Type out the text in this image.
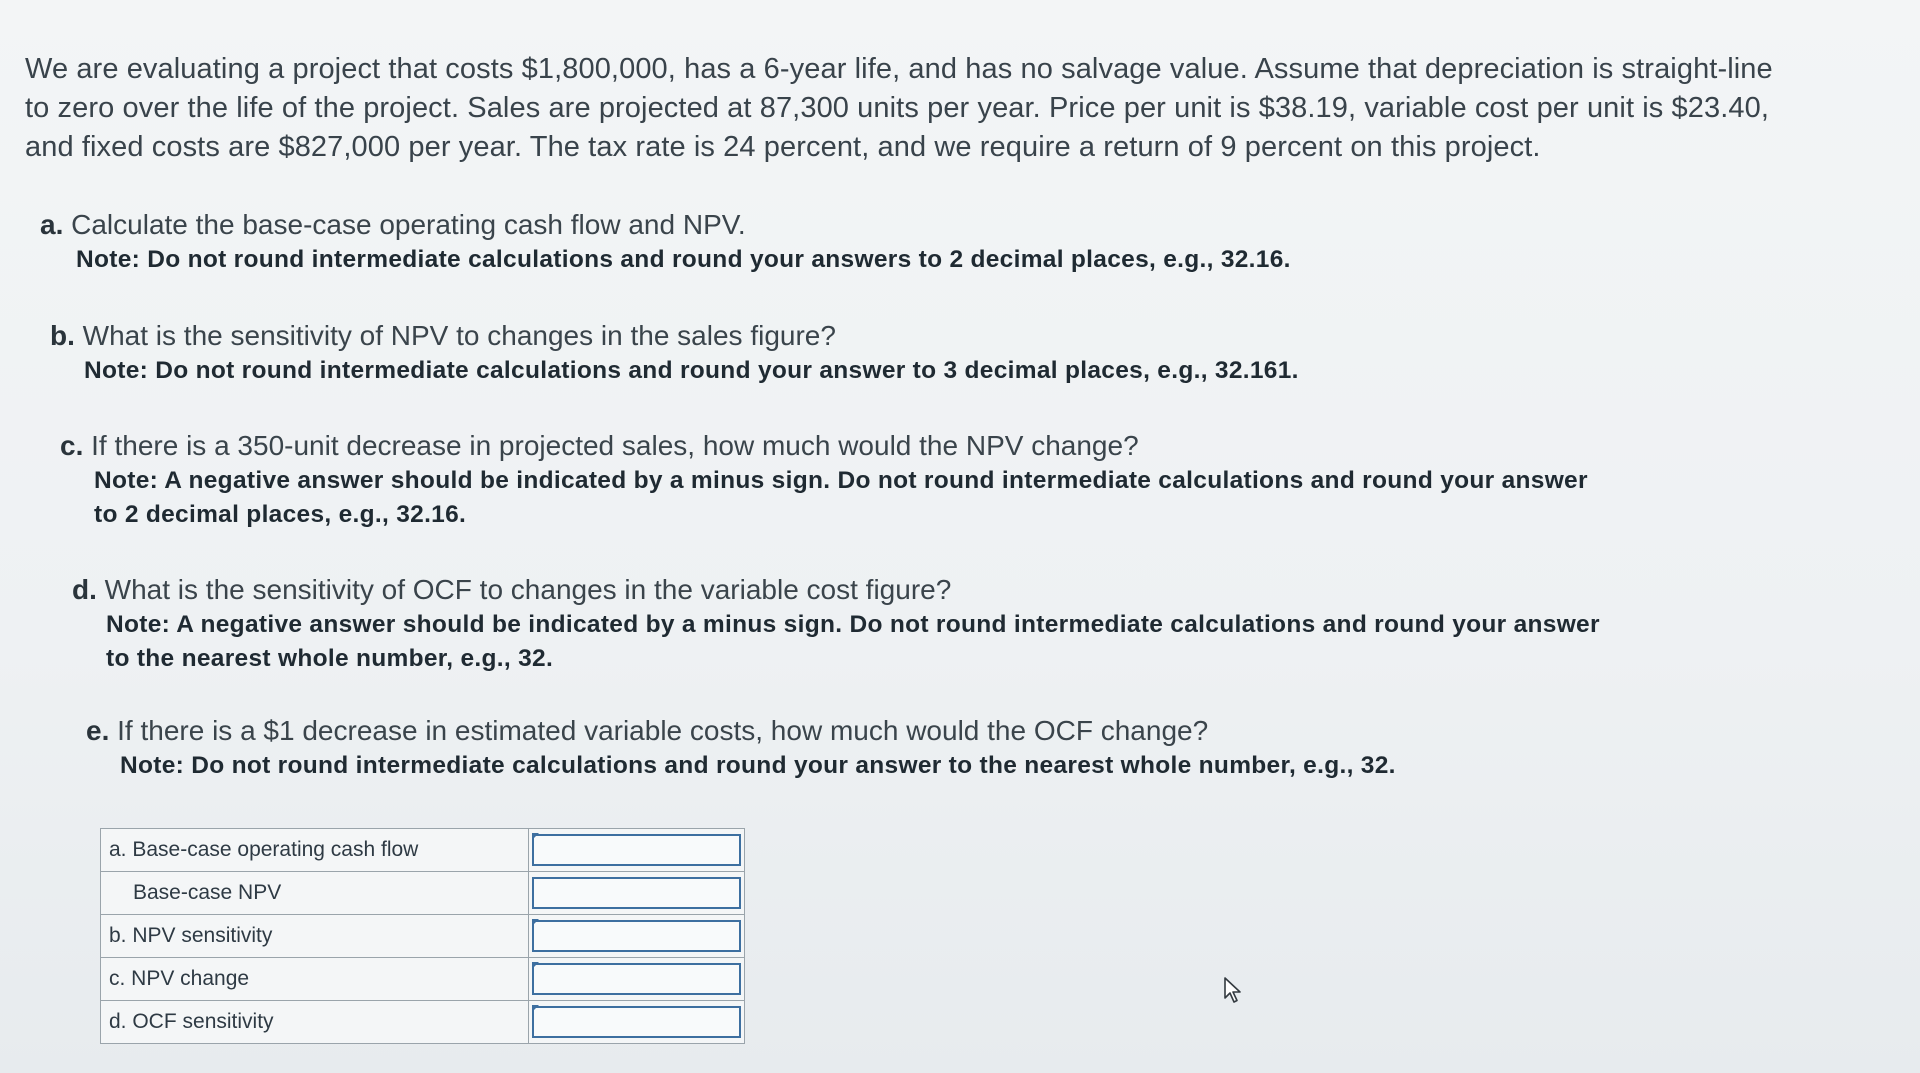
We are evaluating a project that costs $1,800,000, has a 6-year life, and has no salvage value. Assume that depreciation is straight-line
to zero over the life of the project. Sales are projected at 87,300 units per year. Price per unit is $38.19, variable cost per unit is $23.40,
and fixed costs are $827,000 per year. The tax rate is 24 percent, and we require a return of 9 percent on this project.
a. Calculate the base-case operating cash flow and NPV.
Note: Do not round intermediate calculations and round your answers to 2 decimal places, e.g., 32.16.
b. What is the sensitivity of NPV to changes in the sales figure?
Note: Do not round intermediate calculations and round your answer to 3 decimal places, e.g., 32.161.
c. If there is a 350-unit decrease in projected sales, how much would the NPV change?
Note: A negative answer should be indicated by a minus sign. Do not round intermediate calculations and round your answer
to 2 decimal places, e.g., 32.16.
d. What is the sensitivity of OCF to changes in the variable cost figure?
Note: A negative answer should be indicated by a minus sign. Do not round intermediate calculations and round your answer
to the nearest whole number, e.g., 32.
e. If there is a $1 decrease in estimated variable costs, how much would the OCF change?
Note: Do not round intermediate calculations and round your answer to the nearest whole number, e.g., 32.
a. Base-case operating cash flow	

Base-case NPV	
b. NPV sensitivity	

c. NPV change	

d. OCF sensitivity	
